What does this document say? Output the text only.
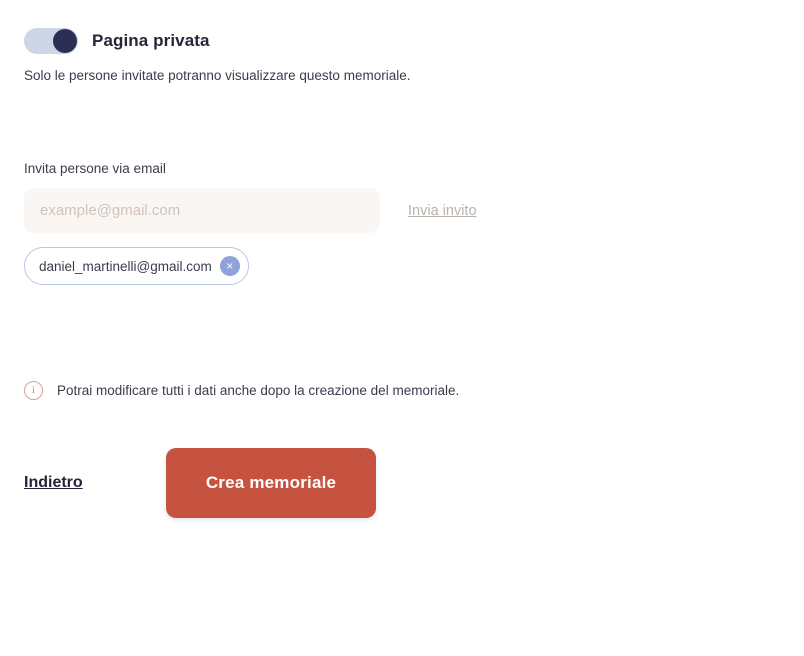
Pagina privata
Solo le persone invitate potranno visualizzare questo memoriale.
Invita persone via email
example@gmail.com
Invia invito
daniel_martinelli@gmail.com	×
i	Potrai modificare tutti i dati anche dopo la creazione del memoriale.
Indietro	Crea memoriale
